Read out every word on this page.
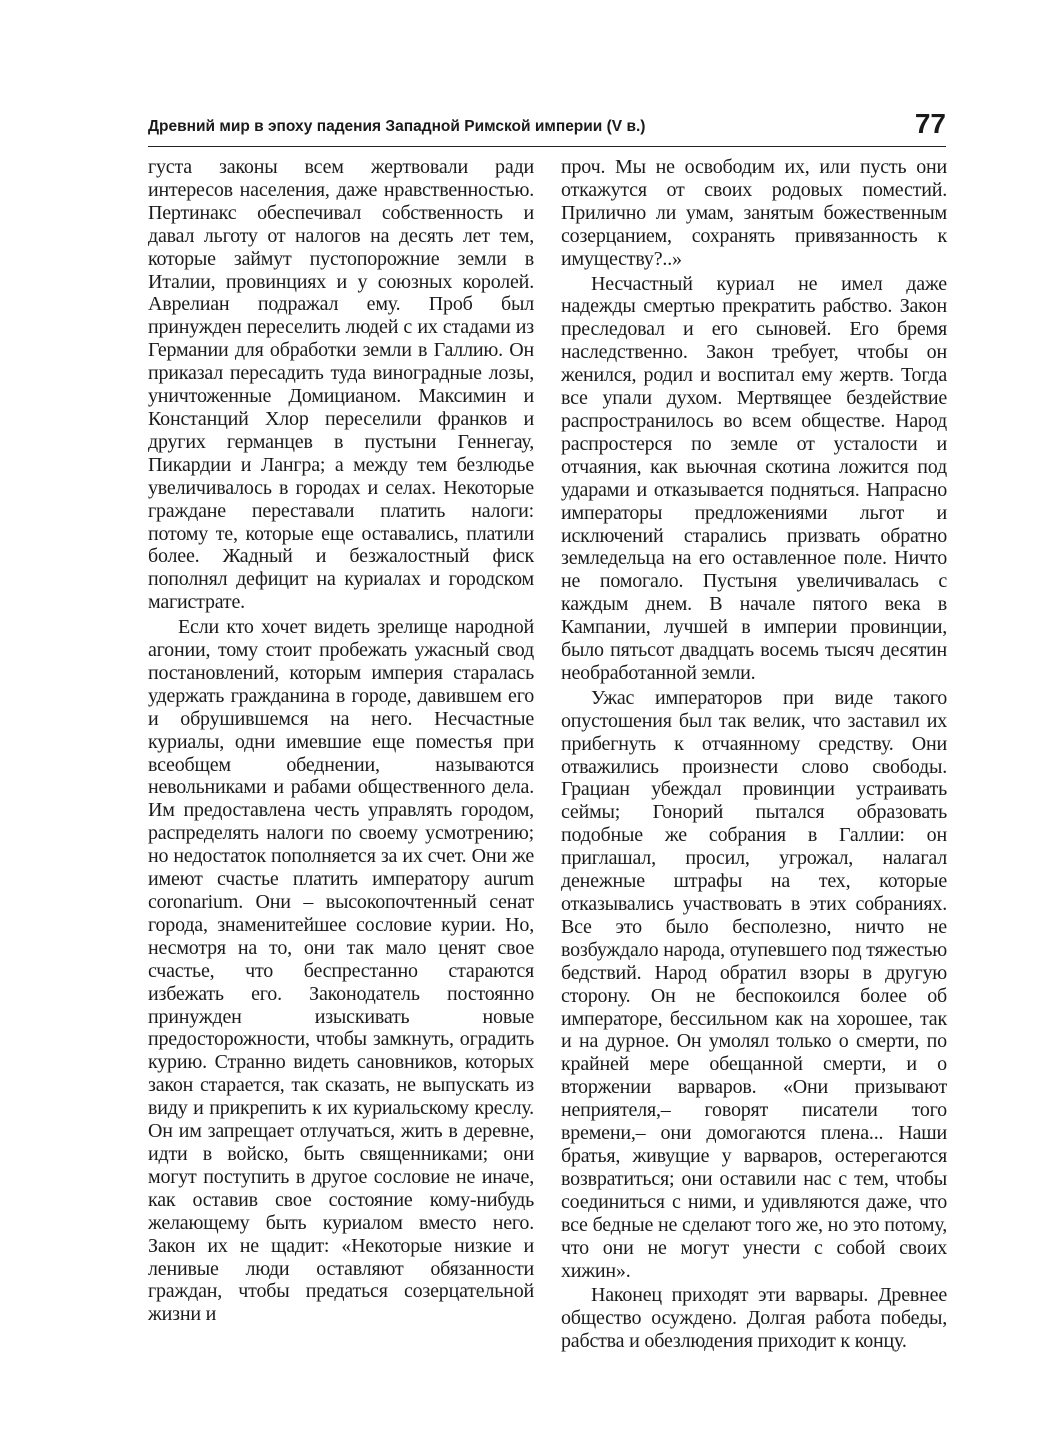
Древний мир в эпоху падения Западной Римской империи (V в.)	77

густа законы всем жертвовали ради интересов населения, даже нравственностью. Пертинакс обеспечивал собственность и давал льготу от налогов на десять лет тем, которые займут пустопорожние земли в Италии, провинциях и у союзных королей. Аврелиан подражал ему. Проб был принужден переселить людей с их стадами из Германии для обработки земли в Галлию. Он приказал пересадить туда виноградные лозы, уничтоженные Домицианом. Максимин и Констанций Хлор переселили франков и других германцев в пустыни Геннегау, Пикардии и Лангра; а между тем безлюдье увеличивалось в городах и селах. Некоторые граждане переставали платить налоги: потому те, которые еще оставались, платили более. Жадный и безжалостный фиск пополнял дефицит на куриалах и городском магистрате.

Если кто хочет видеть зрелище народной агонии, тому стоит пробежать ужасный свод постановлений, которым империя старалась удержать гражданина в городе, давившем его и обрушившемся на него. Несчастные куриалы, одни имевшие еще поместья при всеобщем обеднении, называются невольниками и рабами общественного дела. Им предоставлена честь управлять городом, распределять налоги по своему усмотрению; но недостаток пополняется за их счет. Они же имеют счастье платить императору aurum coronarium. Они – высокопочтенный сенат города, знаменитейшее сословие курии. Но, несмотря на то, они так мало ценят свое счастье, что беспрестанно стараются избежать его. Законодатель постоянно принужден изыскивать новые предосторожности, чтобы замкнуть, оградить курию. Странно видеть сановников, которых закон старается, так сказать, не выпускать из виду и прикрепить к их куриальскому креслу. Он им запрещает отлучаться, жить в деревне, идти в войско, быть священниками; они могут поступить в другое сословие не иначе, как оставив свое состояние кому-нибудь желающему быть куриалом вместо него. Закон их не щадит: «Некоторые низкие и ленивые люди оставляют обязанности граждан, чтобы предаться созерцательной жизни и

проч. Мы не освободим их, или пусть они откажутся от своих родовых поместий. Прилично ли умам, занятым божественным созерцанием, сохранять привязанность к имуществу?..»

Несчастный куриал не имел даже надежды смертью прекратить рабство. Закон преследовал и его сыновей. Его бремя наследственно. Закон требует, чтобы он женился, родил и воспитал ему жертв. Тогда все упали духом. Мертвящее бездействие распространилось во всем обществе. Народ распростерся по земле от усталости и отчаяния, как вьючная скотина ложится под ударами и отказывается подняться. Напрасно императоры предложениями льгот и исключений старались призвать обратно земледельца на его оставленное поле. Ничто не помогало. Пустыня увеличивалась с каждым днем. В начале пятого века в Кампании, лучшей в империи провинции, было пятьсот двадцать восемь тысяч десятин необработанной земли.

Ужас императоров при виде такого опустошения был так велик, что заставил их прибегнуть к отчаянному средству. Они отважились произнести слово свободы. Грациан убеждал провинции устраивать сеймы; Гонорий пытался образовать подобные же собрания в Галлии: он приглашал, просил, угрожал, налагал денежные штрафы на тех, которые отказывались участвовать в этих собраниях. Все это было бесполезно, ничто не возбуждало народа, отупевшего под тяжестью бедствий. Народ обратил взоры в другую сторону. Он не беспокоился более об императоре, бессильном как на хорошее, так и на дурное. Он умолял только о смерти, по крайней мере обещанной смерти, и о вторжении варваров. «Они призывают неприятеля,– говорят писатели того времени,– они домогаются плена... Наши братья, живущие у варваров, остерегаются возвратиться; они оставили нас с тем, чтобы соединиться с ними, и удивляются даже, что все бедные не сделают того же, но это потому, что они не могут унести с собой своих хижин».

Наконец приходят эти варвары. Древнее общество осуждено. Долгая работа победы, рабства и обезлюдения приходит к концу.
